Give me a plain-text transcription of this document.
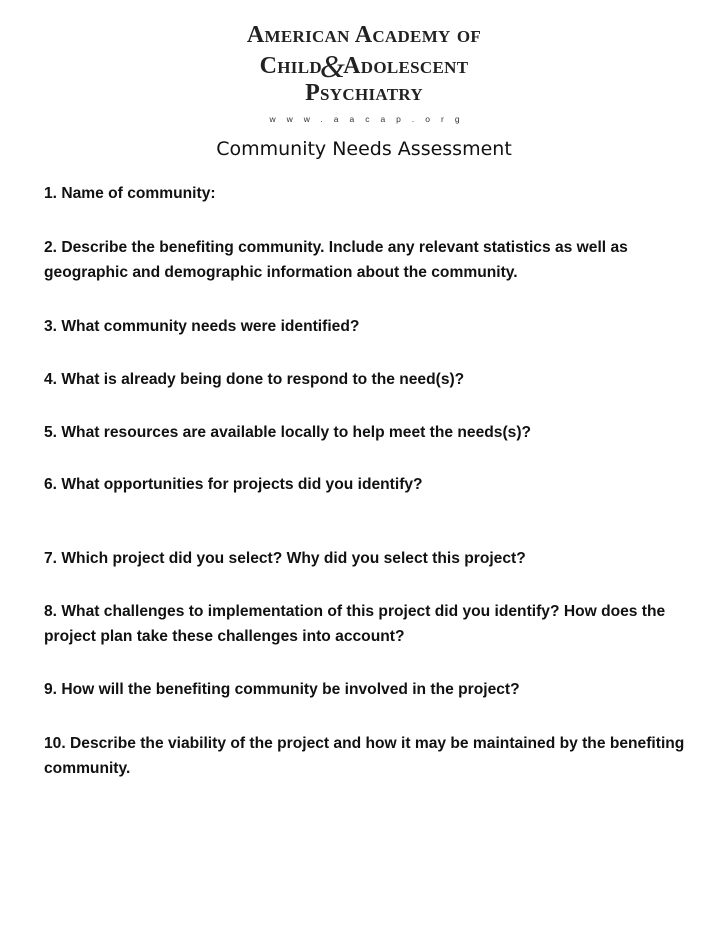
American Academy of
Child&Adolescent
Psychiatry
www.aacap.org
Community Needs Assessment
1. Name of community:
2. Describe the benefiting community. Include any relevant statistics as well as geographic and demographic information about the community.
3. What community needs were identified?
4. What is already being done to respond to the need(s)?
5. What resources are available locally to help meet the needs(s)?
6. What opportunities for projects did you identify?
7. Which project did you select? Why did you select this project?
8. What challenges to implementation of this project did you identify? How does the project plan take these challenges into account?
9. How will the benefiting community be involved in the project?
10. Describe the viability of the project and how it may be maintained by the benefiting community.
